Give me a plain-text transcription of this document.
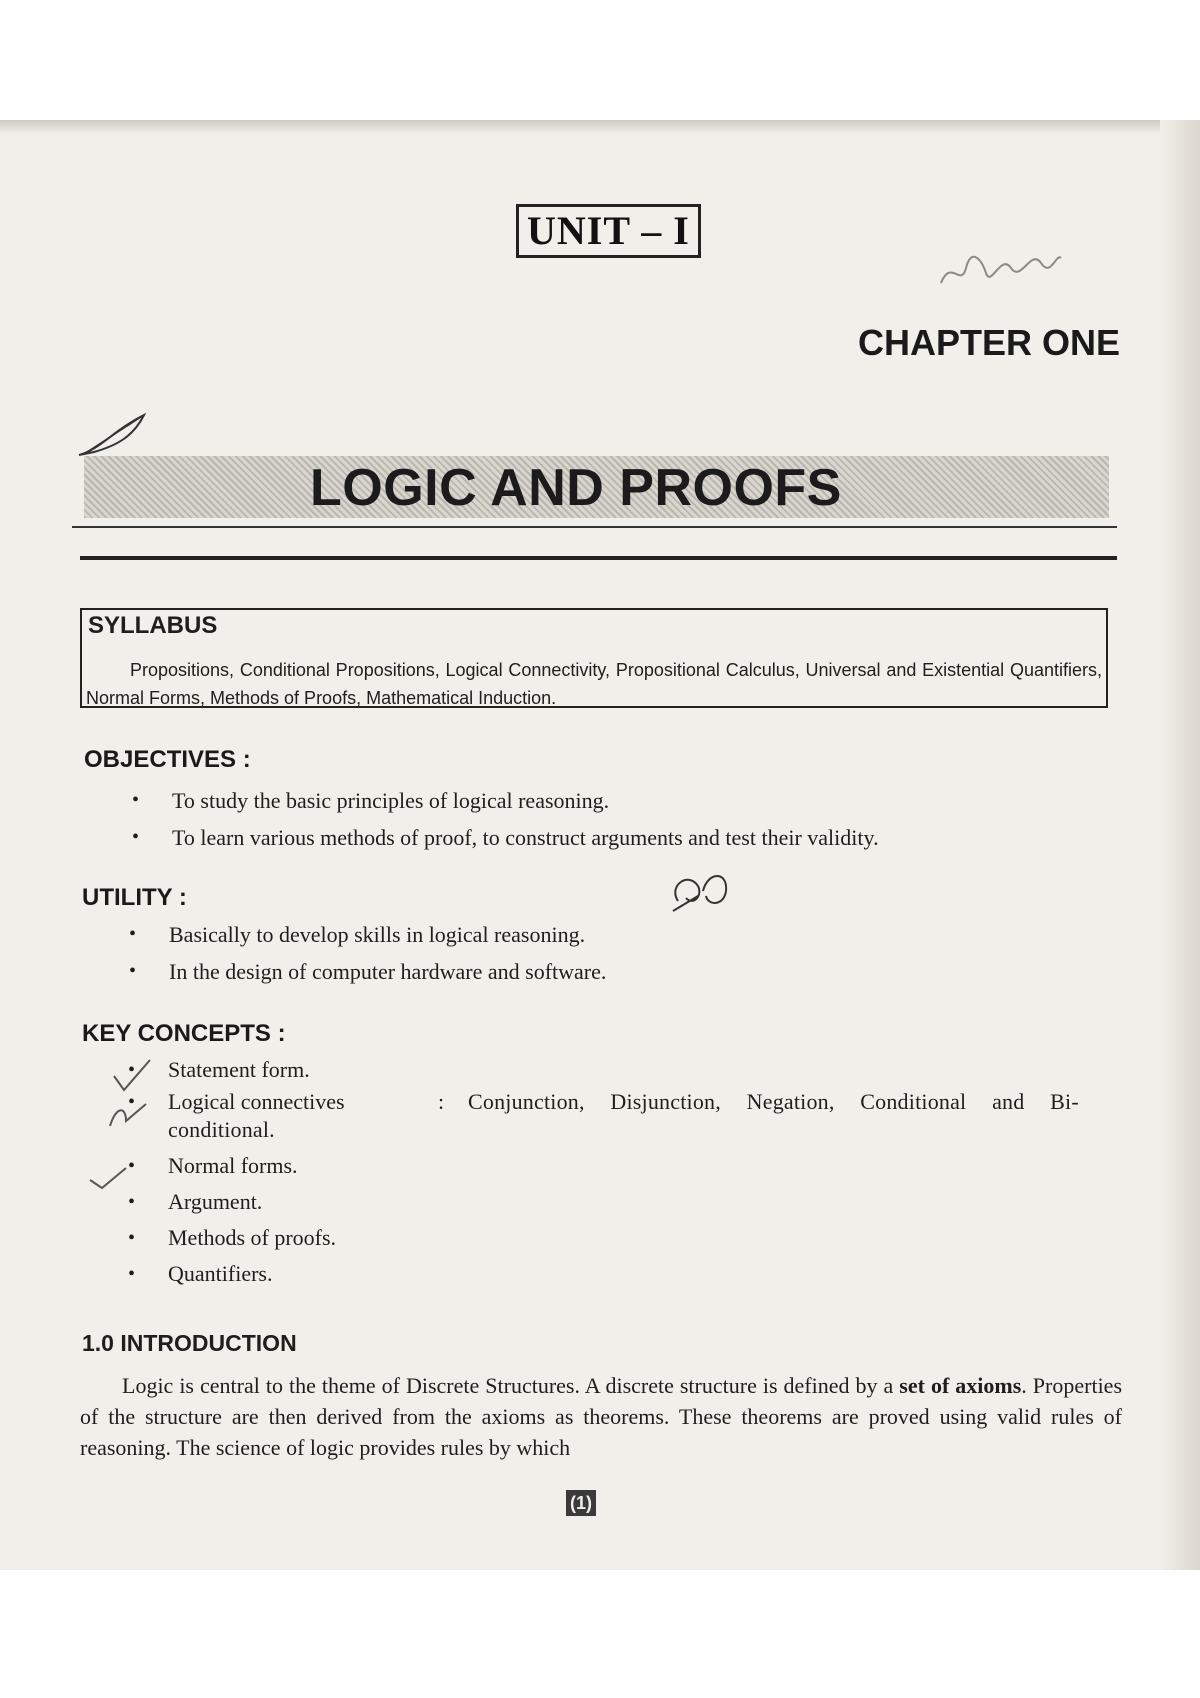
UNIT – I
CHAPTER ONE
LOGIC AND PROOFS
SYLLABUS
Propositions, Conditional Propositions, Logical Connectivity, Propositional Calculus, Universal and Existential Quantifiers, Normal Forms, Methods of Proofs, Mathematical Induction.
OBJECTIVES :
• To study the basic principles of logical reasoning.
• To learn various methods of proof, to construct arguments and test their validity.
UTILITY :
• Basically to develop skills in logical reasoning.
• In the design of computer hardware and software.
KEY CONCEPTS :
• Statement form.
• Logical connectives	: Conjunction, Disjunction, Negation, Conditional and Bi-conditional.
• Normal forms.
• Argument.
• Methods of proofs.
• Quantifiers.
1.0 INTRODUCTION
Logic is central to the theme of Discrete Structures. A discrete structure is defined by a set of axioms. Properties of the structure are then derived from the axioms as theorems. These theorems are proved using valid rules of reasoning. The science of logic provides rules by which
(1)
